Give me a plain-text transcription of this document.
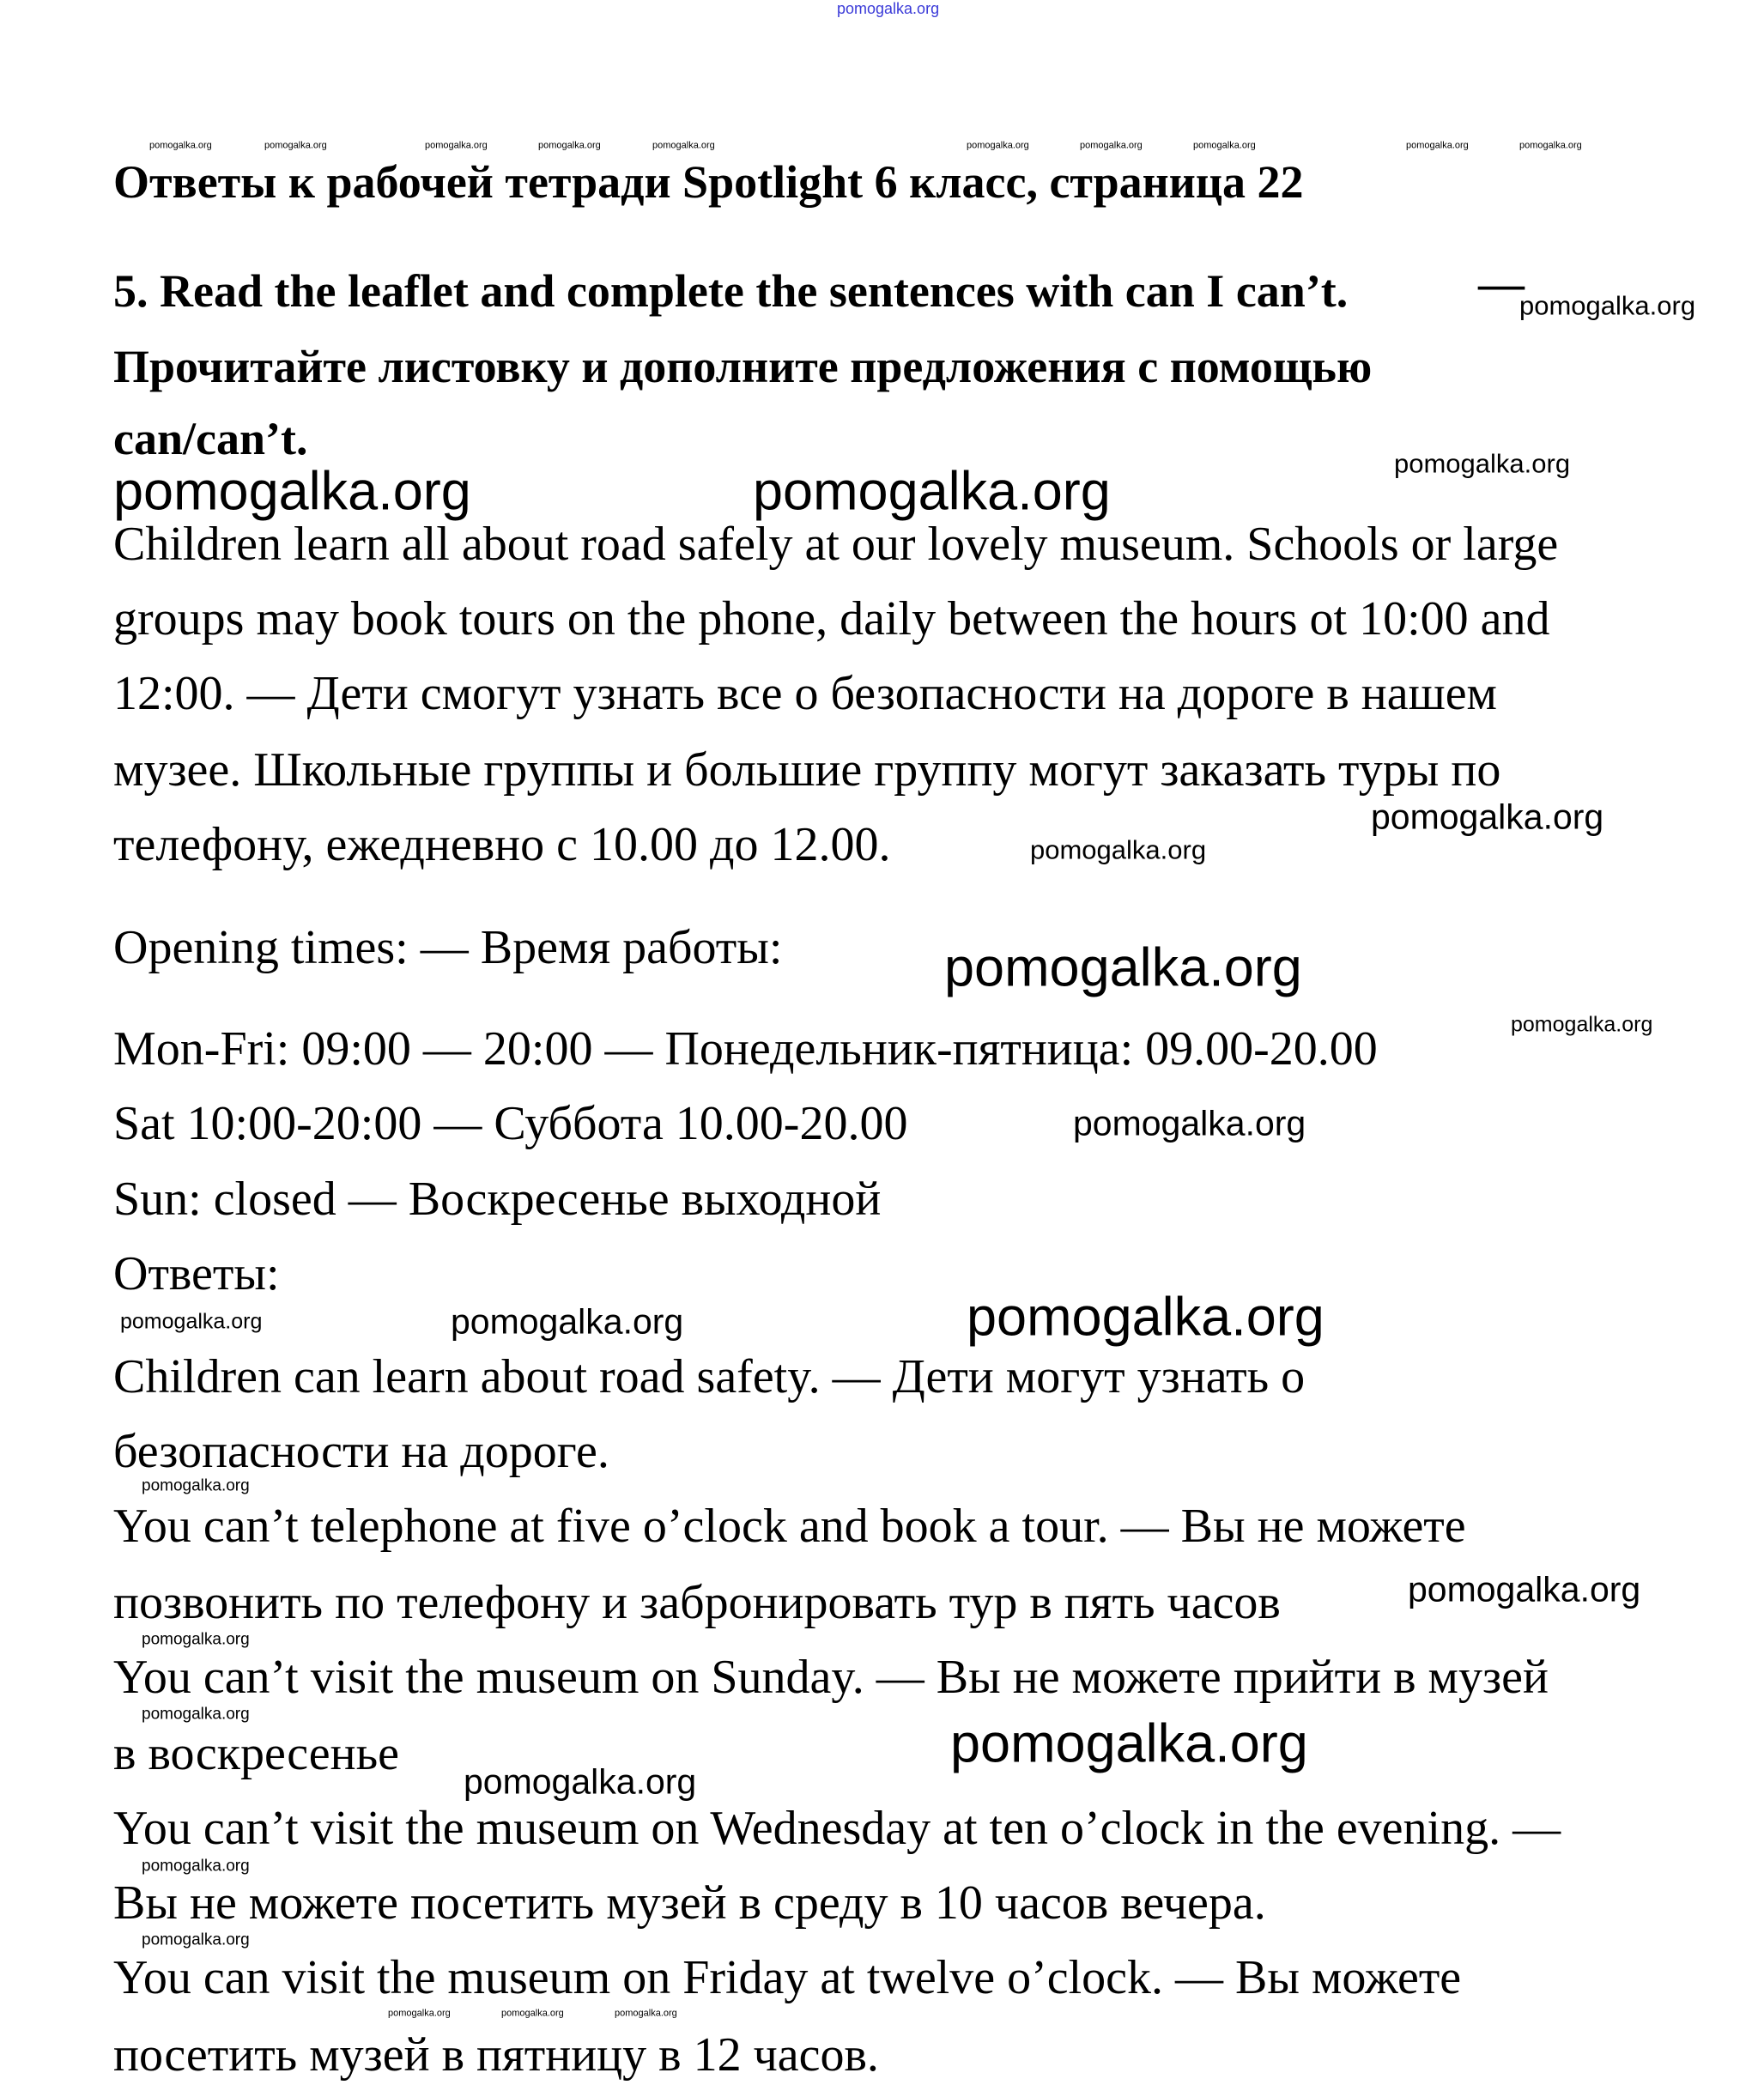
pomogalka.org
pomogalka.org	pomogalka.org	pomogalka.org	pomogalka.org	pomogalka.org	pomogalka.org	pomogalka.org	pomogalka.org	pomogalka.org	pomogalka.org
Ответы к рабочей тетради Spotlight 6 класс, страница 22
5. Read the leaflet and complete the sentences with can I can’t.	—
pomogalka.org
Прочитайте листовку и дополните предложения с помощью
can/can’t.	pomogalka.org
pomogalka.org	pomogalka.org
Children learn all about road safely at our lovely museum. Schools or large
groups may book tours on the phone, daily between the hours ot 10:00 and
12:00. — Дети смогут узнать все о безопасности на дороге в нашем
музее. Школьные группы и большие группу могут заказать туры по
pomogalka.org
pomogalka.org
телефону, ежедневно с 10.00 до 12.00.
Opening times: — Время работы:	pomogalka.org
Mon-Fri: 09:00 — 20:00 — Понедельник-пятница: 09.00-20.00	pomogalka.org
pomogalka.org
Sat 10:00-20:00 — Суббота 10.00-20.00
Sun: closed — Воскресенье выходной
Ответы:
pomogalka.org	pomogalka.org	pomogalka.org
Children can learn about road safety. — Дети могут узнать о
безопасности на дороге.
pomogalka.org
You can’t telephone at five o’clock and book a tour. — Вы не можете
pomogalka.org
позвонить по телефону и забронировать тур в пять часов
pomogalka.org
You can’t visit the museum on Sunday. — Вы не можете прийти в музей
pomogalka.org	pomogalka.org
в воскресенье
pomogalka.org
You can’t visit the museum on Wednesday at ten o’clock in the evening. —
pomogalka.org
Вы не можете посетить музей в среду в 10 часов вечера.
pomogalka.org
You can visit the museum on Friday at twelve o’clock. — Вы можете
pomogalka.org	pomogalka.org	pomogalka.org
посетить музей в пятницу в 12 часов.
